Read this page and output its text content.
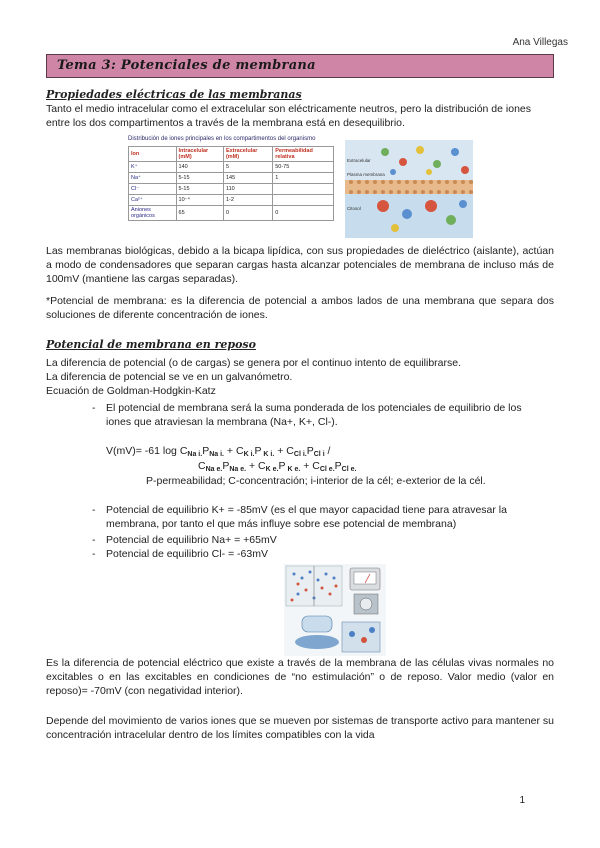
Ana Villegas
Tema 3: Potenciales de membrana
Propiedades eléctricas de las membranas
Tanto el medio intracelular como el extracelular son eléctricamente neutros, pero la distribución de iones
entre los dos compartimentos a través de la membrana está en desequilibrio.
Distribución de iones principales en los compartimentos del organismo
Ion	Intracelular (mM)	Extracelular (mM)	Permeabilidad relativa
K⁺	140	5	50-75
Na⁺	5-15	145	1
Cl⁻	5-15	110	
Ca²⁺	10⁻⁴	1-2	
Aniones orgánicos	65	0	0
Extracelular
Plasma membrana
Citosol
Las membranas biológicas, debido a la bicapa lipídica, con sus propiedades de dieléctrico (aislante), actúan a modo de condensadores que separan cargas hasta alcanzar potenciales de membrana de incluso más de 100mV (mantiene las cargas separadas).
*Potencial de membrana: es la diferencia de potencial a ambos lados de una membrana que separa dos soluciones de diferente concentración de iones.
Potencial de membrana en reposo
La diferencia de potencial (o de cargas) se genera por el continuo intento de equilibrarse.
La diferencia de potencial se ve en un galvanómetro.
Ecuación de Goldman-Hodgkin-Katz
- El potencial de membrana será la suma ponderada de los potenciales de equilibrio de los
iones que atraviesan la membrana (Na+, K+, Cl-).
V(mV)= -61 $\log C_{Na i.}P_{Na i.} + C_{K i.}P$ $_{K i.} + C_{Cl i.}P_{Cl i}$ /
$C_{Na e.}P_{Na e.} + C_{K e.}P$ $_{K e.} + C_{Cl e.}P_{Cl e.}$
P-permeabilidad; C-concentración; i-interior de la cél; e-exterior de la cél.
- Potencial de equilibrio K+ = -85mV (es el que mayor capacidad tiene para atravesar la
membrana, por tanto el que más influye sobre ese potencial de membrana)
- Potencial de equilibrio Na+ = +65mV
- Potencial de equilibrio Cl- = -63mV
Es la diferencia de potencial eléctrico que existe a través de la membrana de las células vivas normales no excitables o en las excitables en condiciones de “no estimulación” o de reposo. Valor medio (valor en reposo)= -70mV (con negatividad interior).
Depende del movimiento de varios iones que se mueven por sistemas de transporte activo para mantener su concentración intracelular dentro de los límites compatibles con la vida
1
